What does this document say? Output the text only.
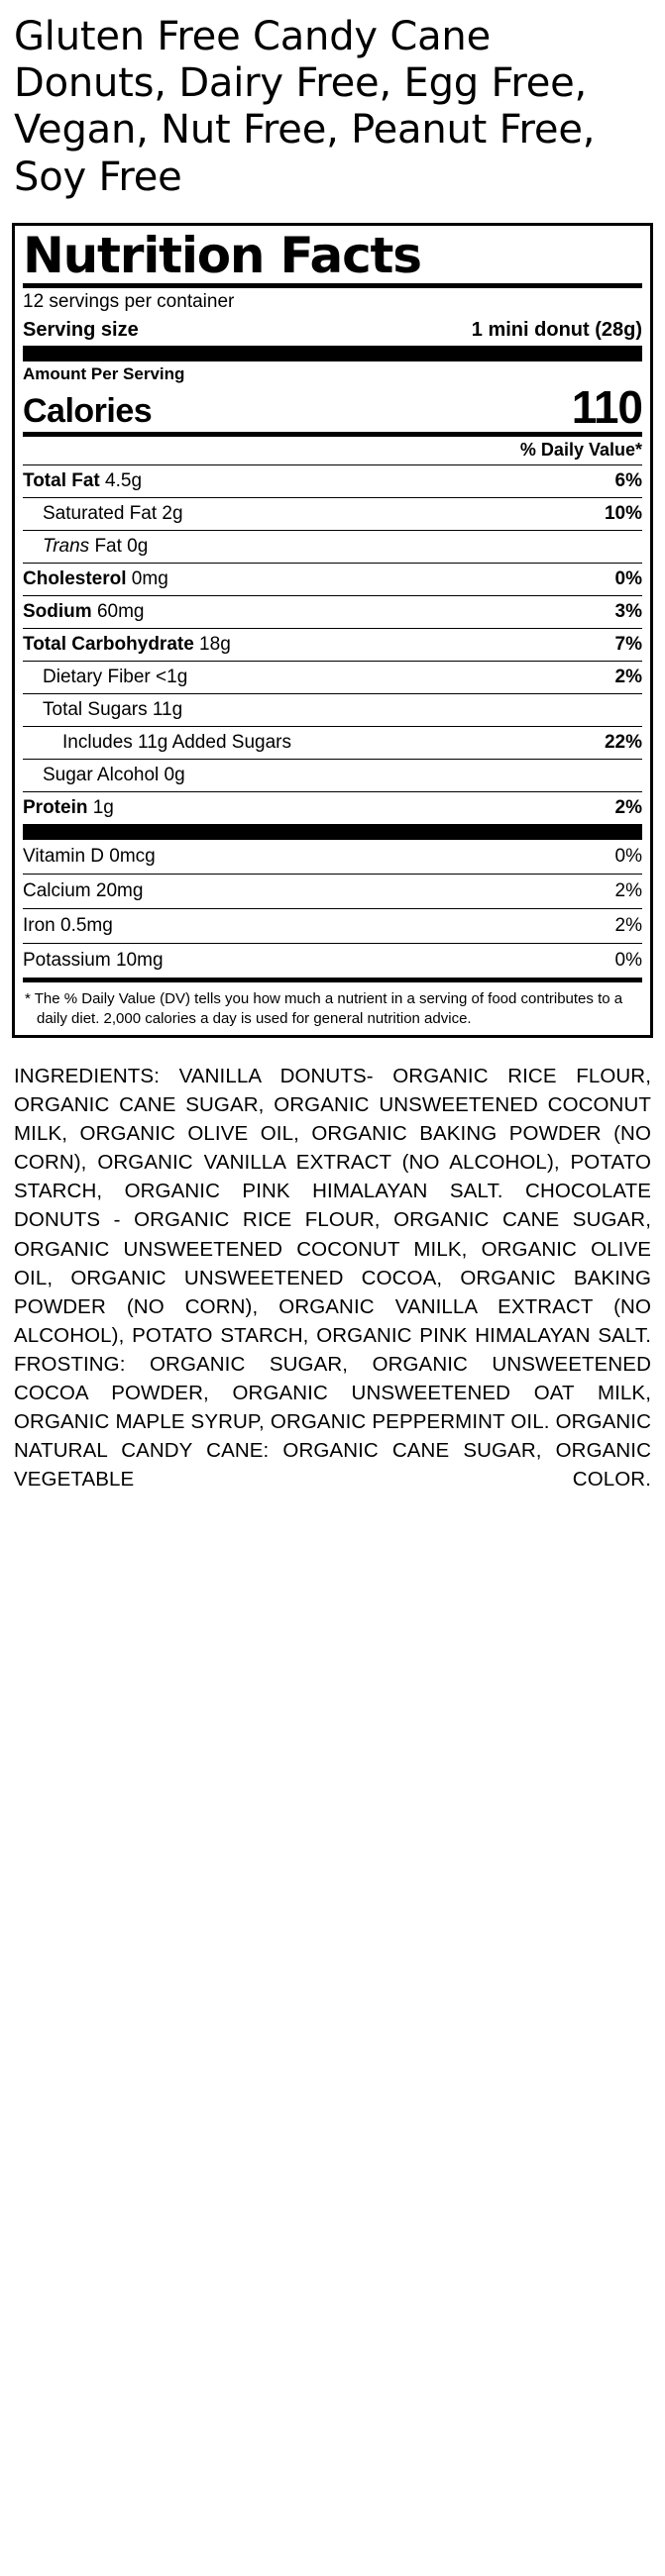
Gluten Free Candy Cane Donuts, Dairy Free, Egg Free, Vegan, Nut Free, Peanut Free, Soy Free
Nutrition Facts
12 servings per container
Serving size	1 mini donut (28g)
Amount Per Serving
Calories	110
% Daily Value*
Total Fat 4.5g	6%
Saturated Fat 2g	10%
Trans Fat 0g
Cholesterol 0mg	0%
Sodium 60mg	3%
Total Carbohydrate 18g	7%
Dietary Fiber <1g	2%
Total Sugars 11g
Includes 11g Added Sugars	22%
Sugar Alcohol 0g
Protein 1g	2%
Vitamin D 0mcg	0%
Calcium 20mg	2%
Iron 0.5mg	2%
Potassium 10mg	0%
* The % Daily Value (DV) tells you how much a nutrient in a serving of food contributes to a daily diet. 2,000 calories a day is used for general nutrition advice.
INGREDIENTS: VANILLA DONUTS- ORGANIC RICE FLOUR, ORGANIC CANE SUGAR, ORGANIC UNSWEETENED COCONUT MILK, ORGANIC OLIVE OIL, ORGANIC BAKING POWDER (NO CORN), ORGANIC VANILLA EXTRACT (NO ALCOHOL), POTATO STARCH, ORGANIC PINK HIMALAYAN SALT. CHOCOLATE DONUTS - ORGANIC RICE FLOUR, ORGANIC CANE SUGAR, ORGANIC UNSWEETENED COCONUT MILK, ORGANIC OLIVE OIL, ORGANIC UNSWEETENED COCOA, ORGANIC BAKING POWDER (NO CORN), ORGANIC VANILLA EXTRACT (NO ALCOHOL), POTATO STARCH, ORGANIC PINK HIMALAYAN SALT. FROSTING: ORGANIC SUGAR, ORGANIC UNSWEETENED COCOA POWDER, ORGANIC UNSWEETENED OAT MILK, ORGANIC MAPLE SYRUP, ORGANIC PEPPERMINT OIL. ORGANIC NATURAL CANDY CANE: ORGANIC CANE SUGAR, ORGANIC VEGETABLE COLOR.
